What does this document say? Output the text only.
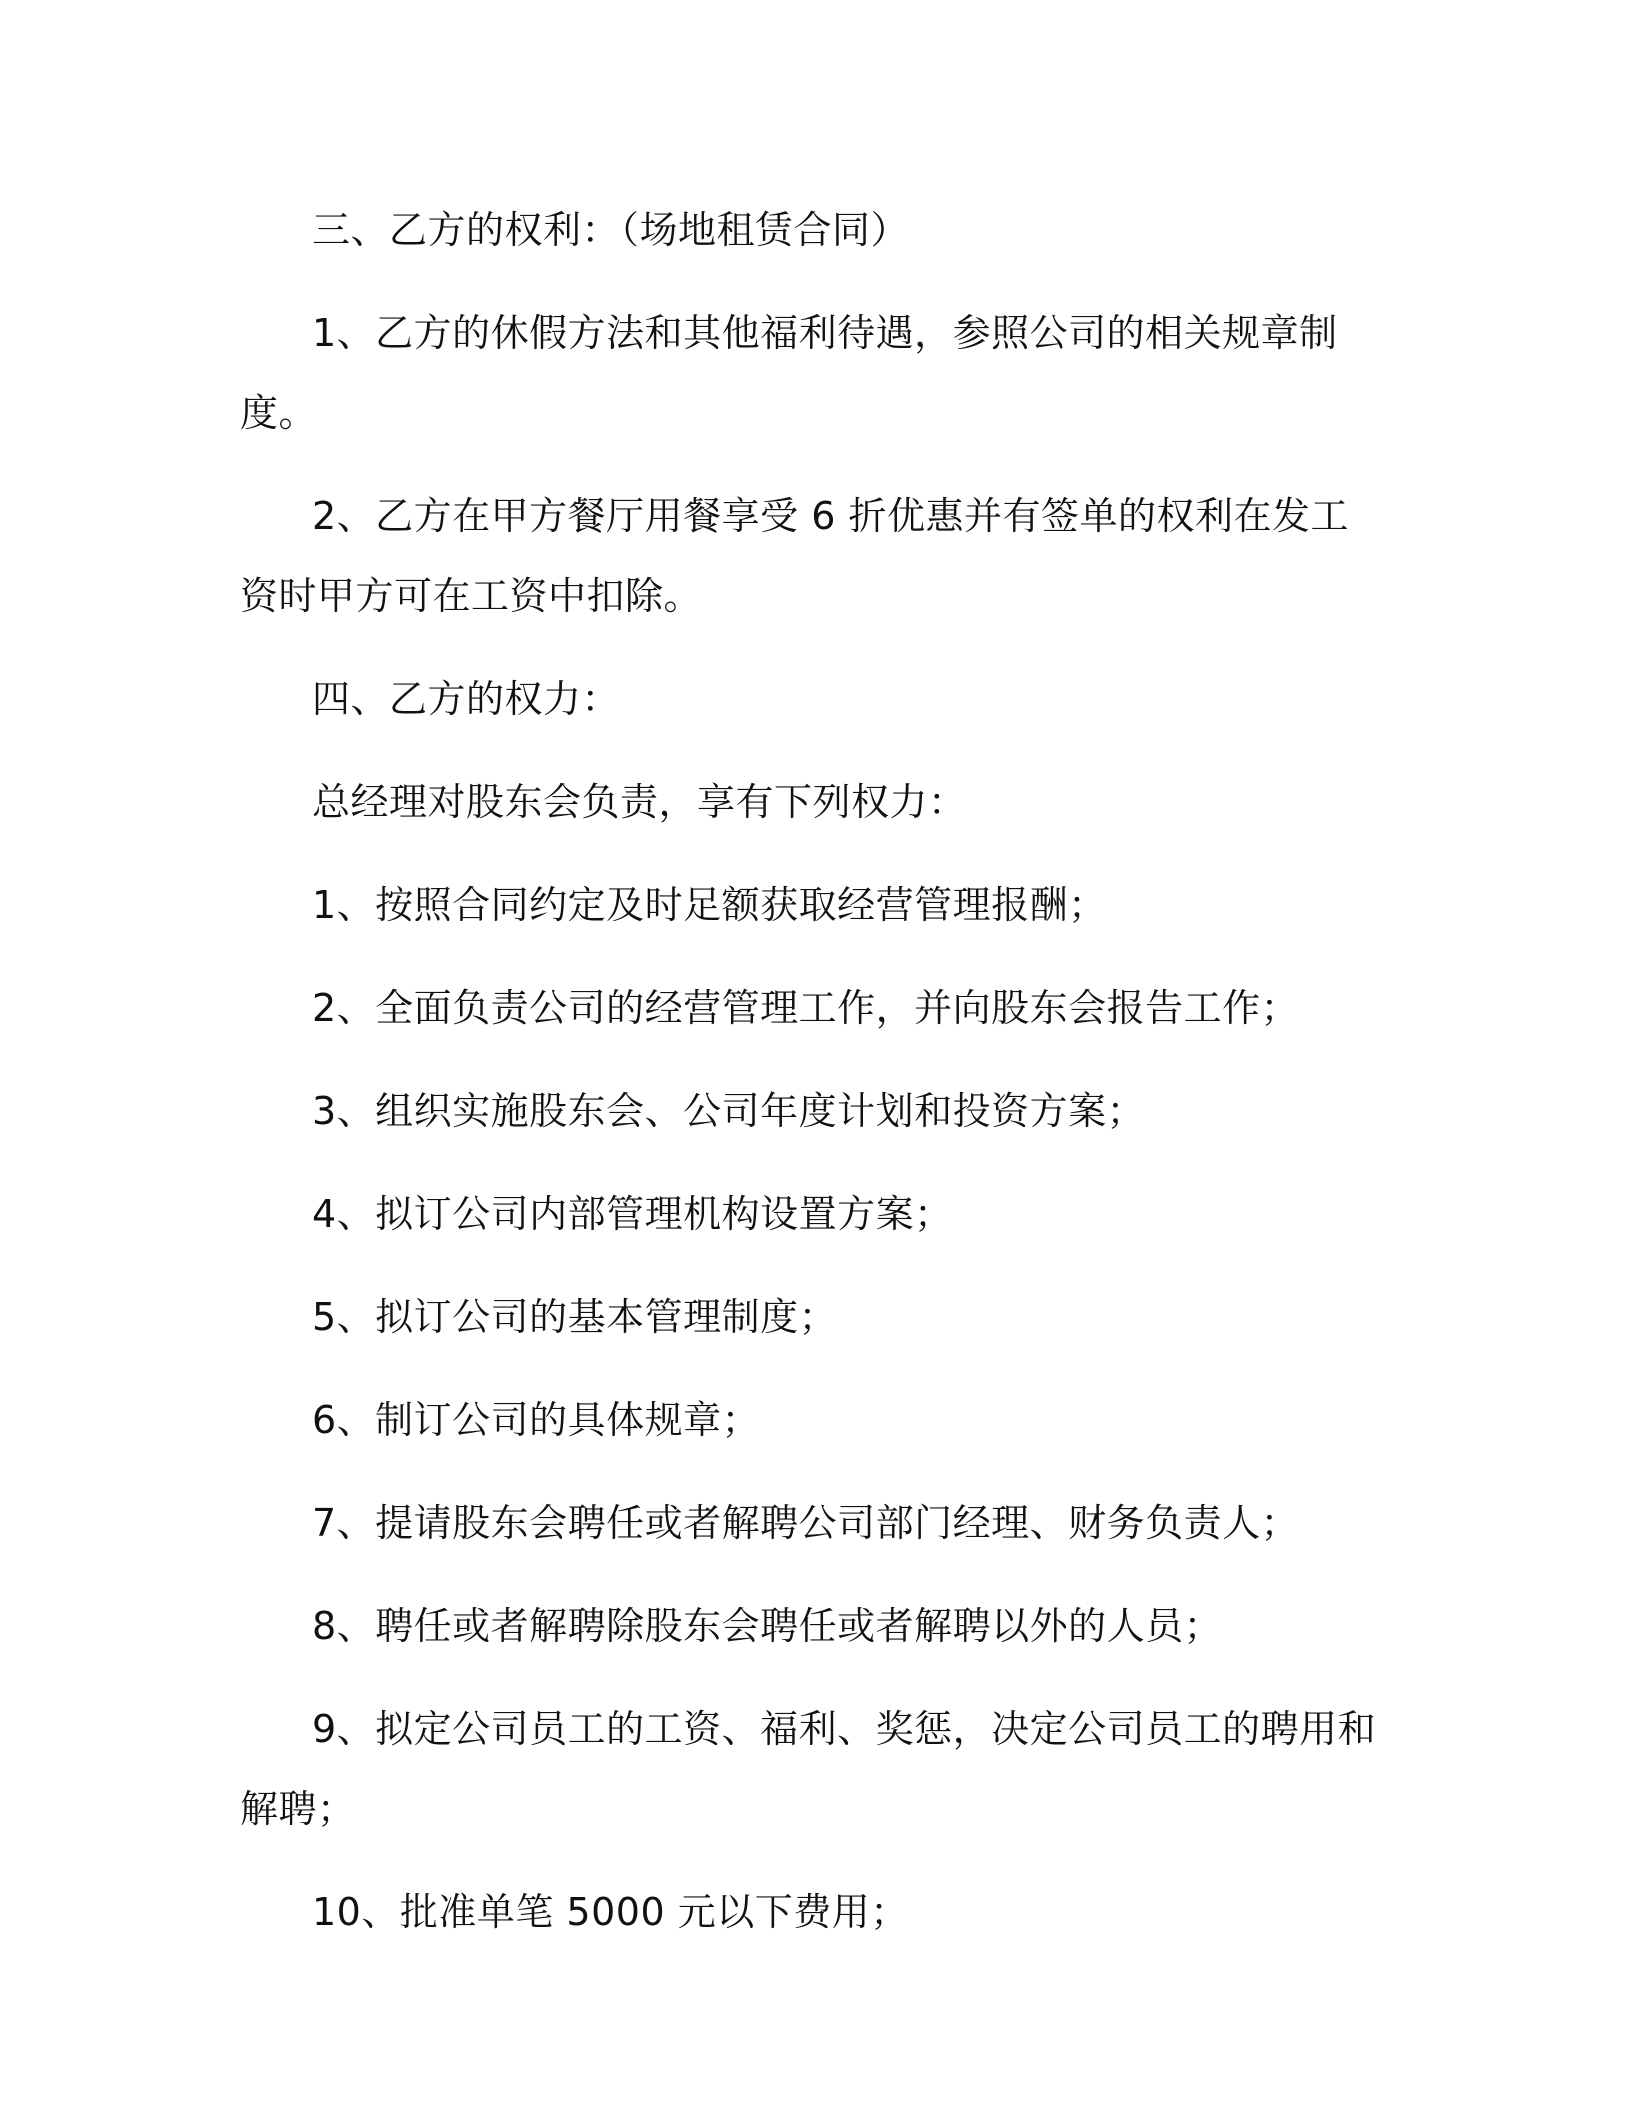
三、乙方的权利：（场地租赁合同）

1、乙方的休假方法和其他福利待遇，参照公司的相关规章制度。

2、乙方在甲方餐厅用餐享受 6 折优惠并有签单的权利在发工资时甲方可在工资中扣除。

四、乙方的权力：

总经理对股东会负责，享有下列权力：

1、按照合同约定及时足额获取经营管理报酬；

2、全面负责公司的经营管理工作，并向股东会报告工作；

3、组织实施股东会、公司年度计划和投资方案；

4、拟订公司内部管理机构设置方案；

5、拟订公司的基本管理制度；

6、制订公司的具体规章；

7、提请股东会聘任或者解聘公司部门经理、财务负责人；

8、聘任或者解聘除股东会聘任或者解聘以外的人员；

9、拟定公司员工的工资、福利、奖惩，决定公司员工的聘用和解聘；

10、批准单笔 5000 元以下费用；
